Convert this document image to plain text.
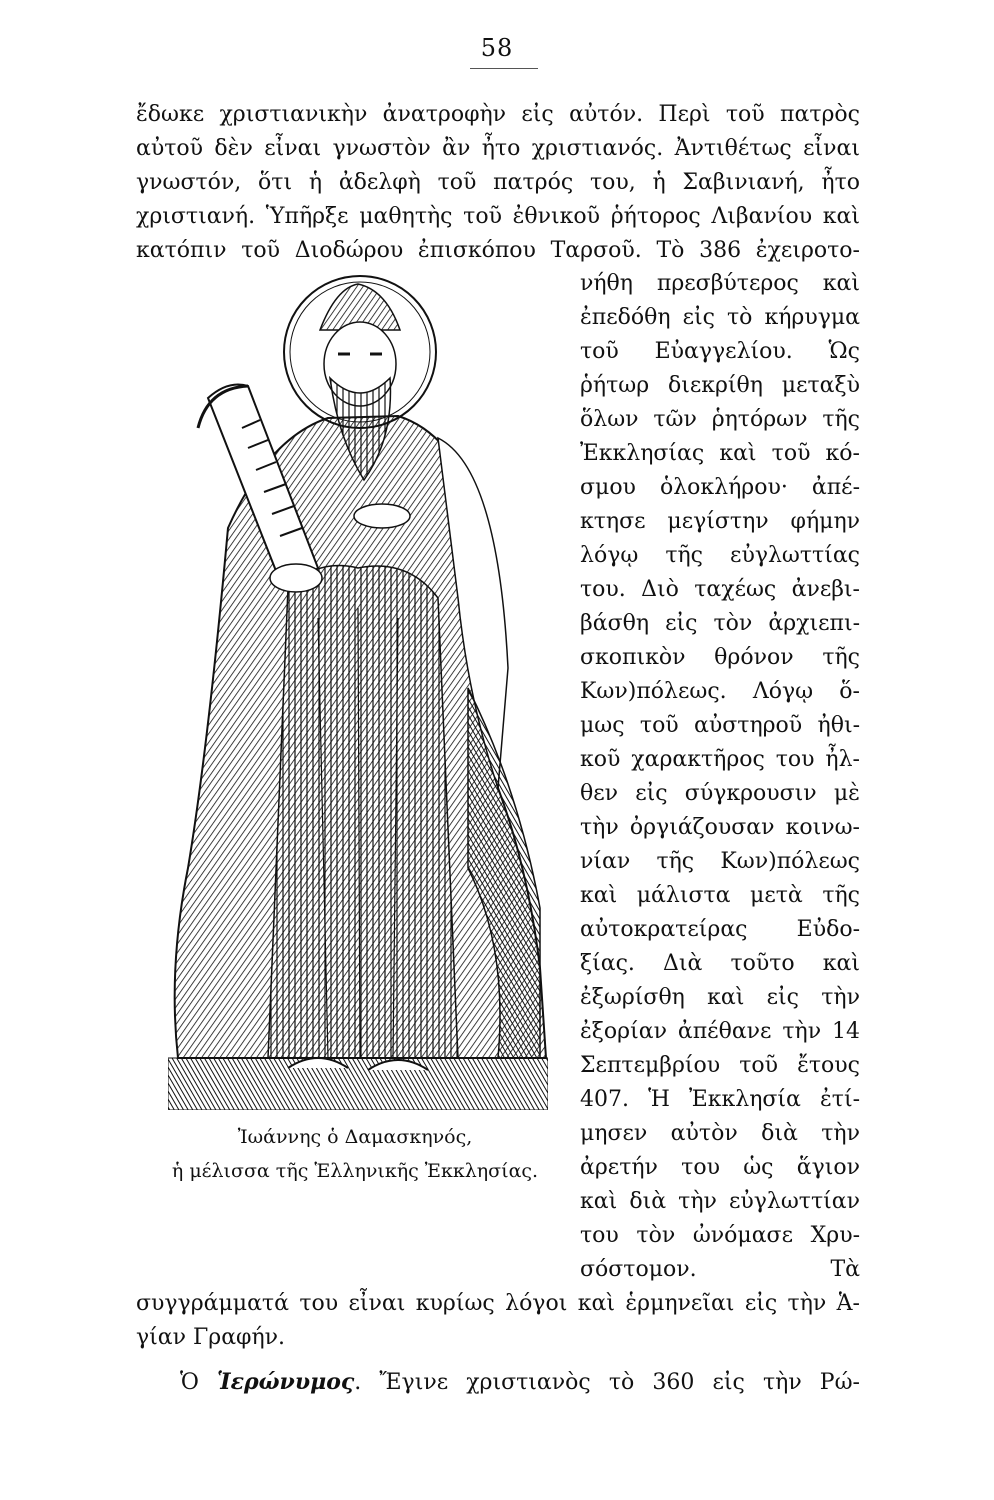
58
ἔδωκε χριστιανικὴν ἀνατροφὴν εἰς αὐτόν. Περὶ τοῦ πατρὸς
αὐτοῦ δὲν εἶναι γνωστὸν ἂν ἦτο χριστιανός. Ἀντιθέτως εἶναι
γνωστόν, ὅτι ἡ ἀδελφὴ τοῦ πατρός του, ἡ Σαβινιανή, ἦτο
χριστιανή. Ὑπῆρξε μαθητὴς τοῦ ἐθνικοῦ ῥήτορος Λιβανίου καὶ
κατόπιν τοῦ Διοδώρου ἐπισκόπου Ταρσοῦ. Τὸ 386 ἐχειροτο-
νήθη πρεσβύτερος καὶ
ἐπεδόθη εἰς τὸ κήρυγμα
τοῦ Εὐαγγελίου. Ὡς
ῥήτωρ διεκρίθη μεταξὺ
ὅλων τῶν ῥητόρων τῆς
Ἐκκλησίας καὶ τοῦ κό-
σμου ὁλοκλήρου· ἀπέ-
κτησε μεγίστην φήμην
λόγῳ τῆς εὐγλωττίας
του. Διὸ ταχέως ἀνεβι-
βάσθη εἰς τὸν ἀρχιεπι-
σκοπικὸν θρόνον τῆς
Κων)πόλεως. Λόγῳ ὅ-
μως τοῦ αὐστηροῦ ἠθι-
κοῦ χαρακτῆρος του ἦλ-
θεν εἰς σύγκρουσιν μὲ
τὴν ὀργιάζουσαν κοινω-
νίαν τῆς Κων)πόλεως
καὶ μάλιστα μετὰ τῆς
αὐτοκρατείρας Εὐδο-
ξίας. Διὰ τοῦτο καὶ
ἐξωρίσθη καὶ εἰς τὴν
ἐξορίαν ἀπέθανε τὴν 14
Σεπτεμβρίου τοῦ ἔτους
407. Ἡ Ἐκκλησία ἐτί-
μησεν αὐτὸν διὰ τὴν
ἀρετήν του ὡς ἅγιον
καὶ διὰ τὴν εὐγλωττίαν
του τὸν ὠνόμασε Χρυ-
σόστομον. Τὰ
Ἰωάννης ὁ Δαμασκηνός,
ἡ μέλισσα τῆς Ἑλληνικῆς Ἐκκλησίας.
συγγράμματά του εἶναι κυρίως λόγοι καὶ ἑρμηνεῖαι εἰς τὴν Ἁ-
γίαν Γραφήν.
Ὁ Ἱερώνυμος. Ἔγινε χριστιανὸς τὸ 360 εἰς τὴν Ρώ-
